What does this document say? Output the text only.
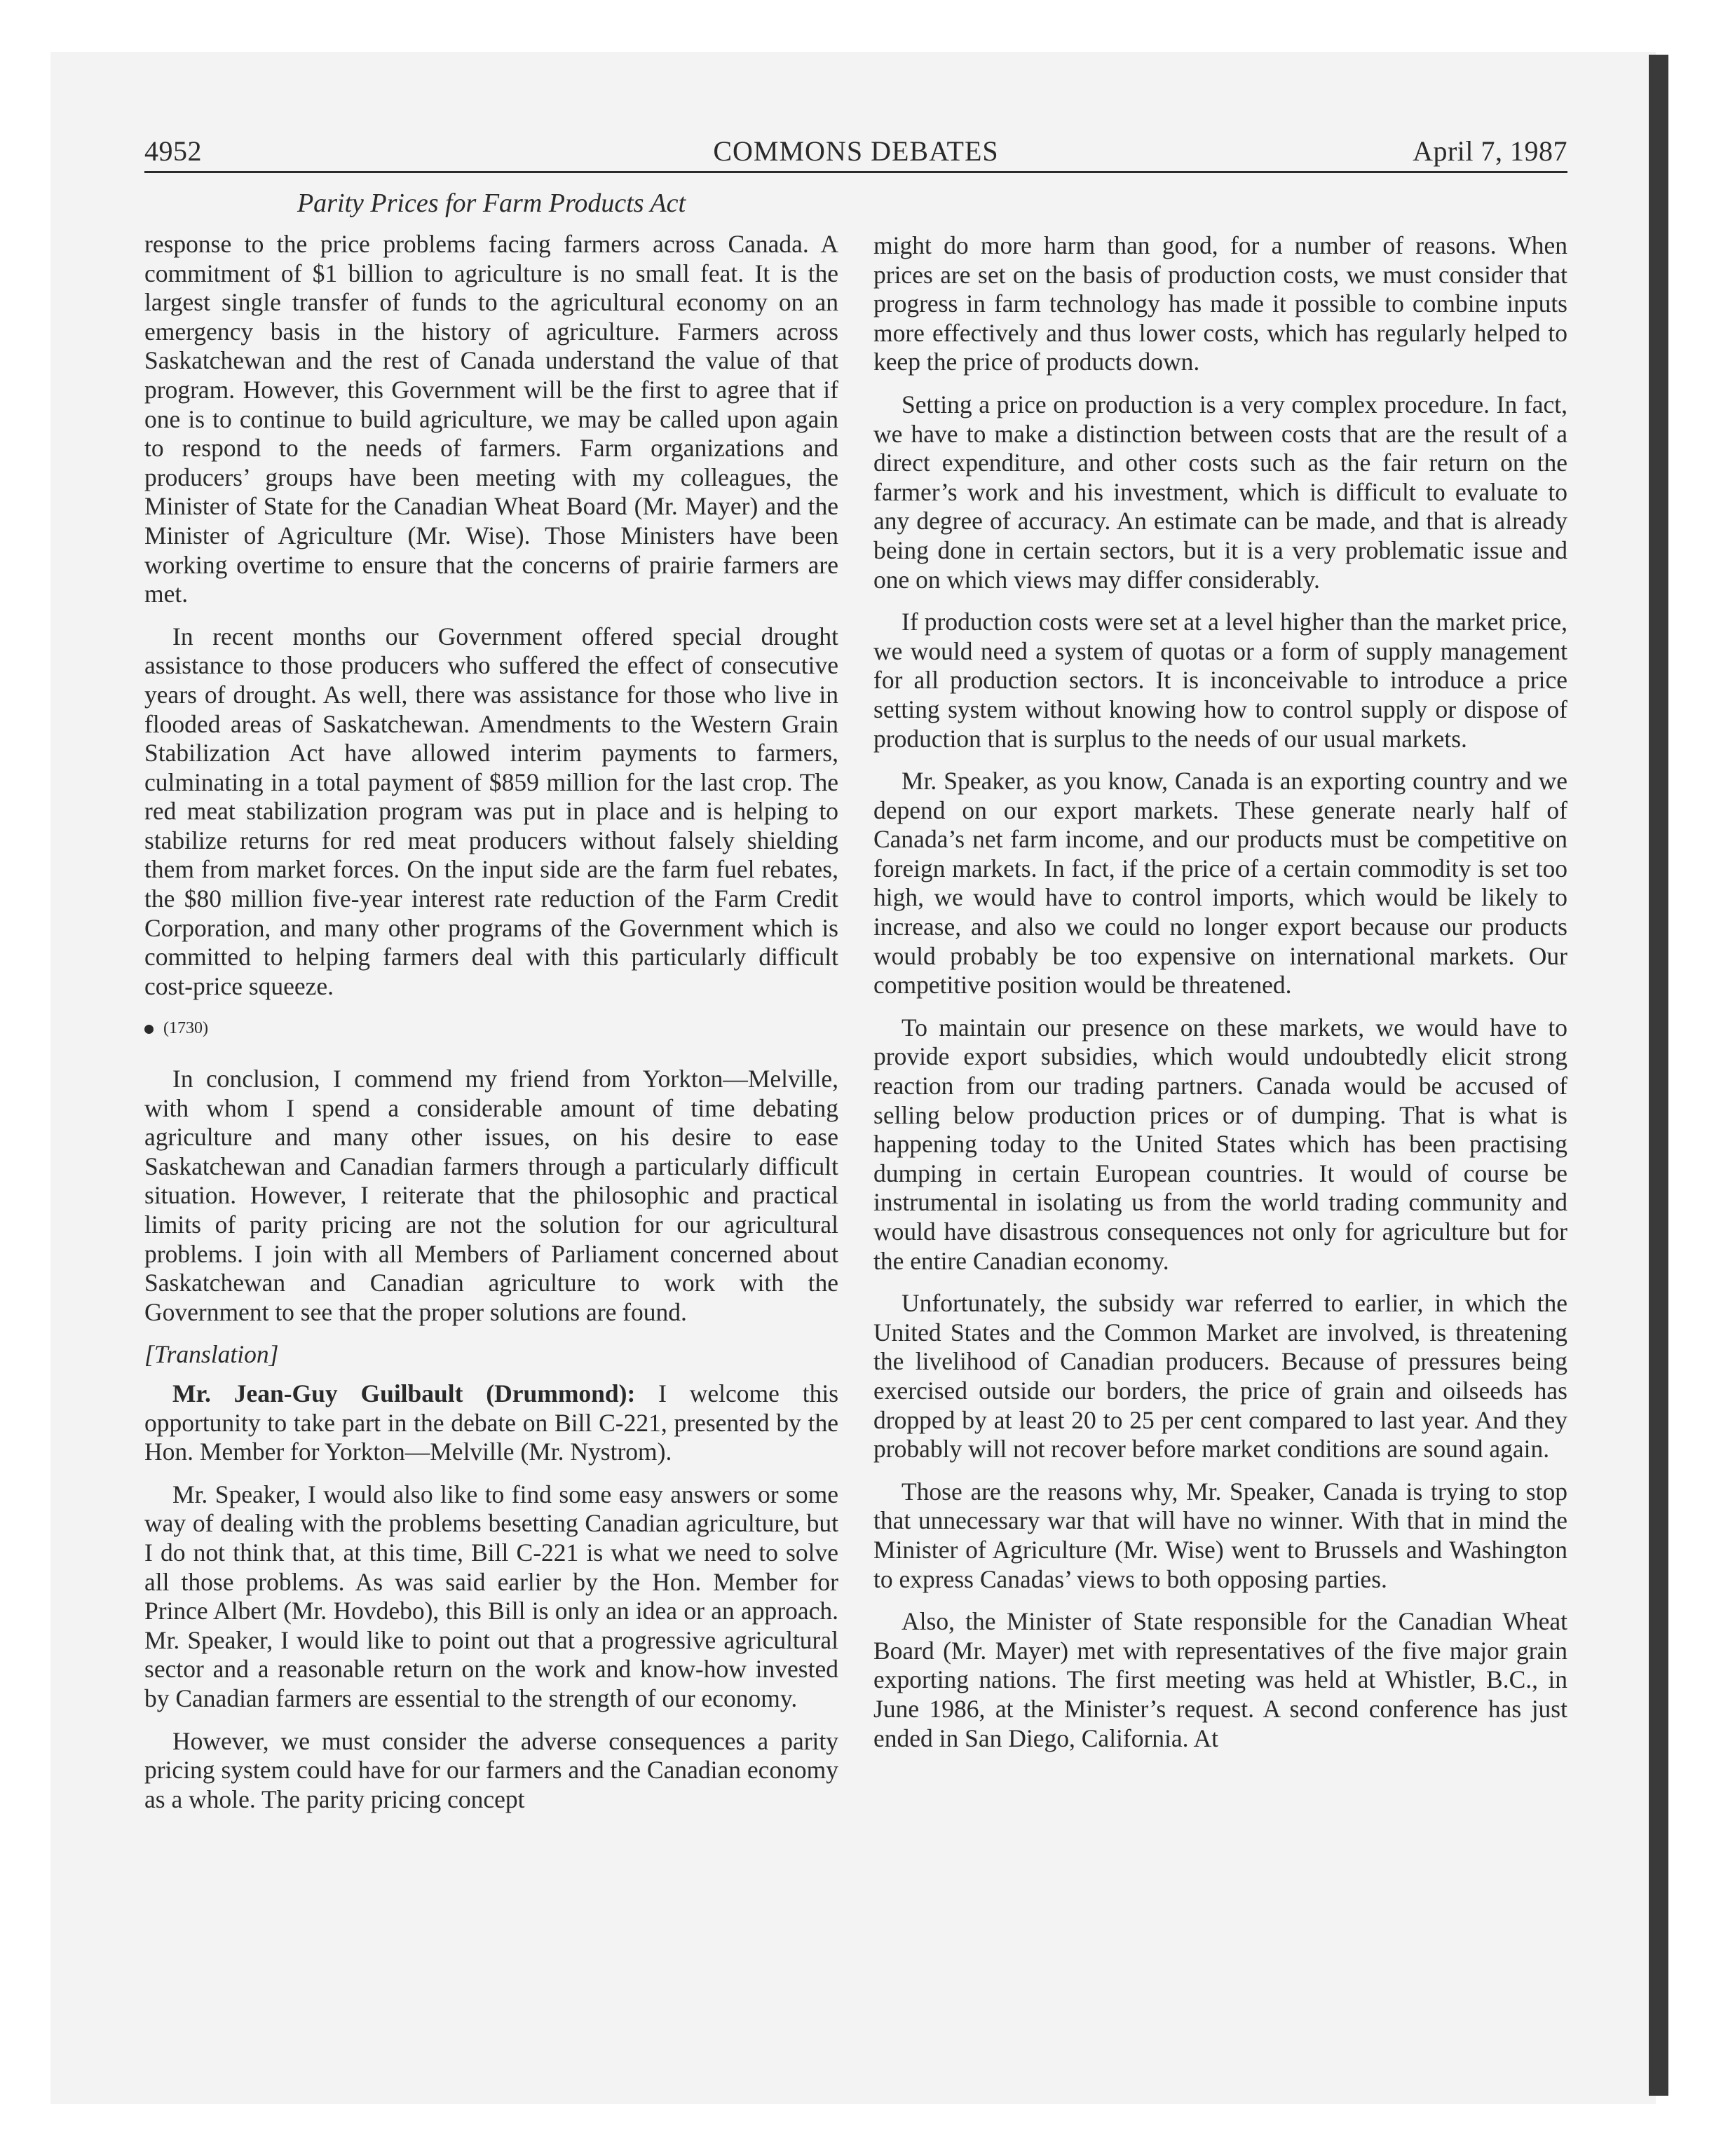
4952	COMMONS DEBATES	April 7, 1987
Parity Prices for Farm Products Act

response to the price problems facing farmers across Canada. A commitment of $1 billion to agriculture is no small feat. It is the largest single transfer of funds to the agricultural economy on an emergency basis in the history of agriculture. Farmers across Saskatchewan and the rest of Canada understand the value of that program. However, this Government will be the first to agree that if one is to continue to build agriculture, we may be called upon again to respond to the needs of farmers. Farm organizations and producers’ groups have been meeting with my colleagues, the Minister of State for the Canadian Wheat Board (Mr. Mayer) and the Minister of Agriculture (Mr. Wise). Those Ministers have been working overtime to ensure that the concerns of prairie farmers are met.

In recent months our Government offered special drought assistance to those producers who suffered the effect of consecutive years of drought. As well, there was assistance for those who live in flooded areas of Saskatchewan. Amendments to the Western Grain Stabilization Act have allowed interim payments to farmers, culminating in a total payment of $859 million for the last crop. The red meat stabilization program was put in place and is helping to stabilize returns for red meat producers without falsely shielding them from market forces. On the input side are the farm fuel rebates, the $80 million five-year interest rate reduction of the Farm Credit Corporation, and many other programs of the Government which is committed to helping farmers deal with this particularly difficult cost-price squeeze.

(1730)

In conclusion, I commend my friend from Yorkton—Melville, with whom I spend a considerable amount of time debating agriculture and many other issues, on his desire to ease Saskatchewan and Canadian farmers through a particularly difficult situation. However, I reiterate that the philosophic and practical limits of parity pricing are not the solution for our agricultural problems. I join with all Members of Parliament concerned about Saskatchewan and Canadian agriculture to work with the Government to see that the proper solutions are found.

[Translation]

Mr. Jean-Guy Guilbault (Drummond): I welcome this opportunity to take part in the debate on Bill C-221, presented by the Hon. Member for Yorkton—Melville (Mr. Nystrom).

Mr. Speaker, I would also like to find some easy answers or some way of dealing with the problems besetting Canadian agriculture, but I do not think that, at this time, Bill C-221 is what we need to solve all those problems. As was said earlier by the Hon. Member for Prince Albert (Mr. Hovdebo), this Bill is only an idea or an approach. Mr. Speaker, I would like to point out that a progressive agricultural sector and a reasonable return on the work and know-how invested by Canadian farmers are essential to the strength of our economy.

However, we must consider the adverse consequences a parity pricing system could have for our farmers and the Canadian economy as a whole. The parity pricing concept

might do more harm than good, for a number of reasons. When prices are set on the basis of production costs, we must consider that progress in farm technology has made it possible to combine inputs more effectively and thus lower costs, which has regularly helped to keep the price of products down.

Setting a price on production is a very complex procedure. In fact, we have to make a distinction between costs that are the result of a direct expenditure, and other costs such as the fair return on the farmer’s work and his investment, which is difficult to evaluate to any degree of accuracy. An estimate can be made, and that is already being done in certain sectors, but it is a very problematic issue and one on which views may differ considerably.

If production costs were set at a level higher than the market price, we would need a system of quotas or a form of supply management for all production sectors. It is inconceivable to introduce a price setting system without knowing how to control supply or dispose of production that is surplus to the needs of our usual markets.

Mr. Speaker, as you know, Canada is an exporting country and we depend on our export markets. These generate nearly half of Canada’s net farm income, and our products must be competitive on foreign markets. In fact, if the price of a certain commodity is set too high, we would have to control imports, which would be likely to increase, and also we could no longer export because our products would probably be too expensive on international markets. Our competitive position would be threatened.

To maintain our presence on these markets, we would have to provide export subsidies, which would undoubtedly elicit strong reaction from our trading partners. Canada would be accused of selling below production prices or of dumping. That is what is happening today to the United States which has been practising dumping in certain European countries. It would of course be instrumental in isolating us from the world trading community and would have disastrous consequences not only for agriculture but for the entire Canadian economy.

Unfortunately, the subsidy war referred to earlier, in which the United States and the Common Market are involved, is threatening the livelihood of Canadian producers. Because of pressures being exercised outside our borders, the price of grain and oilseeds has dropped by at least 20 to 25 per cent compared to last year. And they probably will not recover before market conditions are sound again.

Those are the reasons why, Mr. Speaker, Canada is trying to stop that unnecessary war that will have no winner. With that in mind the Minister of Agriculture (Mr. Wise) went to Brussels and Washington to express Canadas’ views to both opposing parties.

Also, the Minister of State responsible for the Canadian Wheat Board (Mr. Mayer) met with representatives of the five major grain exporting nations. The first meeting was held at Whistler, B.C., in June 1986, at the Minister’s request. A second conference has just ended in San Diego, California. At
